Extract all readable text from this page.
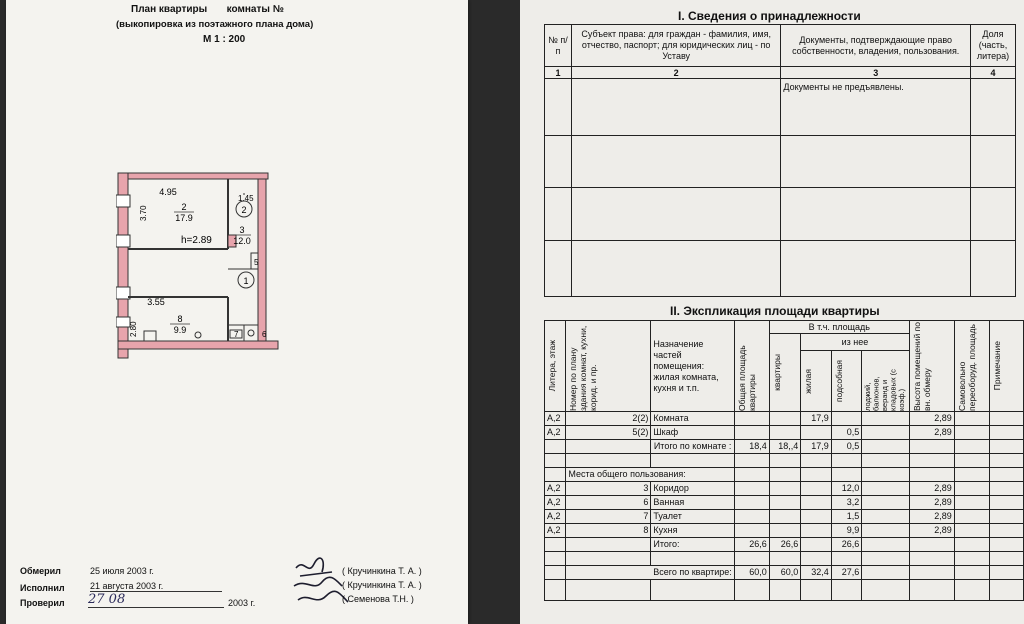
План квартиры комнаты №
(выкопировка из поэтажного плана дома)
М 1 : 200
4.95
2
17.9
3.70
h=2.89
1.45
2
3
12.0
5
1
3.55
8
9.9
2.80	7	6
Обмерил	25 июля 2003 г.
Исполнил	21 августа 2003 г.
Проверил 27 08	2003 г.
( Кручинкина Т. А. )
( Кручинкина Т. А. )
( Семенова Т.Н. )
I. Сведения о принадлежности
№ п/п	Субъект права: для граждан - фамилия, имя, отчество, паспорт; для юридических лиц - по Уставу	Документы, подтверждающие право собственности, владения, пользования.	Доля (часть, литера)
1	2	3	4
		Документы не предъявлены.	

II. Экспликация площади квартиры
Литера, этаж	Номер по плану здания комнат, кухни, корид. и пр.	Назначение частей помещения: жилая комната, кухня и т.п.	Общая площадь квартиры	В т.ч. площадь				Высота помещений по вн. обмеру	Самовольно переоборуд. площадь	Примечание

				квартиры	из нее					

					жилая	подсобная	лоджий, балконов, веранд и кладовых (с коэф.)			

А,2	2(2)	Комната			17,9			2,89		
А,2	5(2)	Шкаф				0,5		2,89		
		Итого по комнате :	18,4	18,,4	17,9	0,5				

	Места общего пользования:									
А,2	3	Коридор				12,0		2,89		
А,2	6	Ванная				3,2		2,89		
А,2	7	Туалет				1,5		2,89		
А,2	8	Кухня				9,9		2,89		
		Итого:	26,6	26,6		26,6				

	Всего по квартире:		60,0	60,0	32,4	27,6				
